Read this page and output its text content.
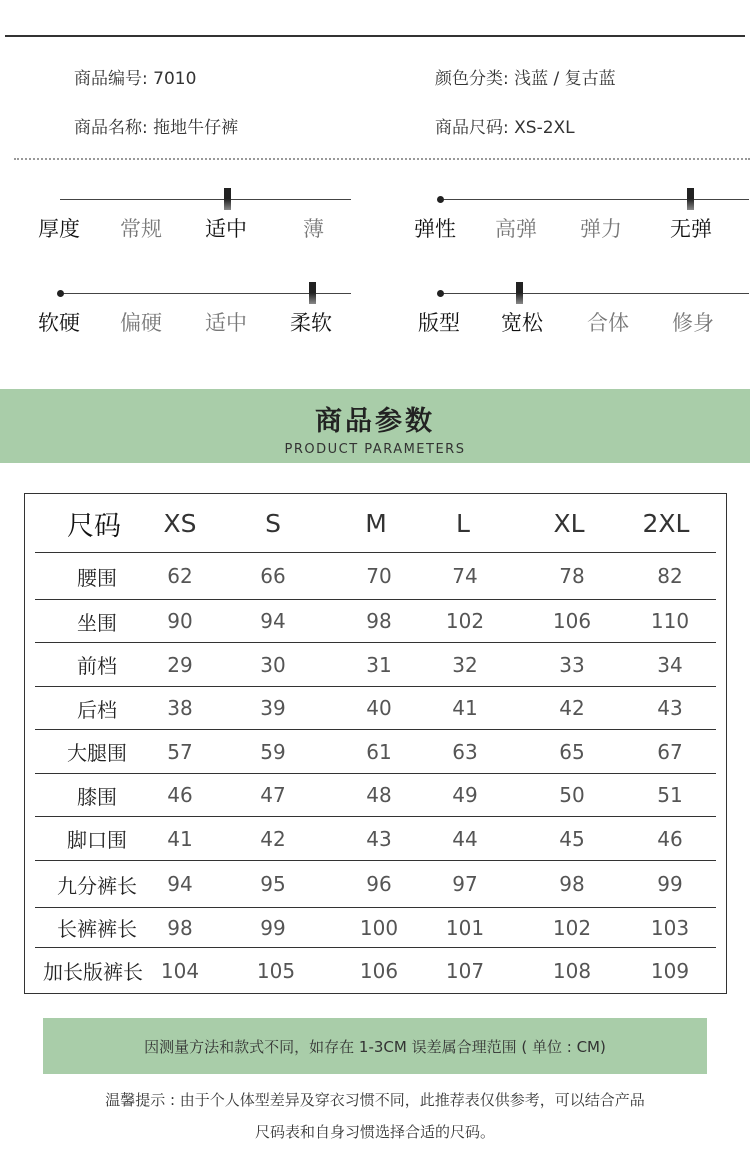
商品编号: 7010	颜色分类: 浅蓝 / 复古蓝
商品名称: 拖地牛仔裤	商品尺码: XS-2XL
厚度 常规 适中	薄	弹性 高弹 弹力 无弹
软硬 偏硬 适中 柔软	版型 宽松 合体 修身
商品参数
PRODUCT PARAMETERS
尺码	XS	S	M	L	XL	2XL
腰围	62	66	70	74	78	82
坐围	90	94	98	102	106	110
前档	29	30	31	32	33	34
后档	38	39	40	41	42	43
大腿围	57	59	61	63	65	67
膝围	46	47	48	49	50	51
脚口围	41	42	43	44	45	46
九分裤长	94	95	96	97	98	99
长裤裤长	98	99	100	101	102	103
加长版裤长 104	105	106	107	108	109
因测量方法和款式不同，如存在 1-3CM 误差属合理范围 ( 单位 : CM)
温馨提示 : 由于个人体型差异及穿衣习惯不同，此推荐表仅供参考，可以结合产品
尺码表和自身习惯选择合适的尺码。
